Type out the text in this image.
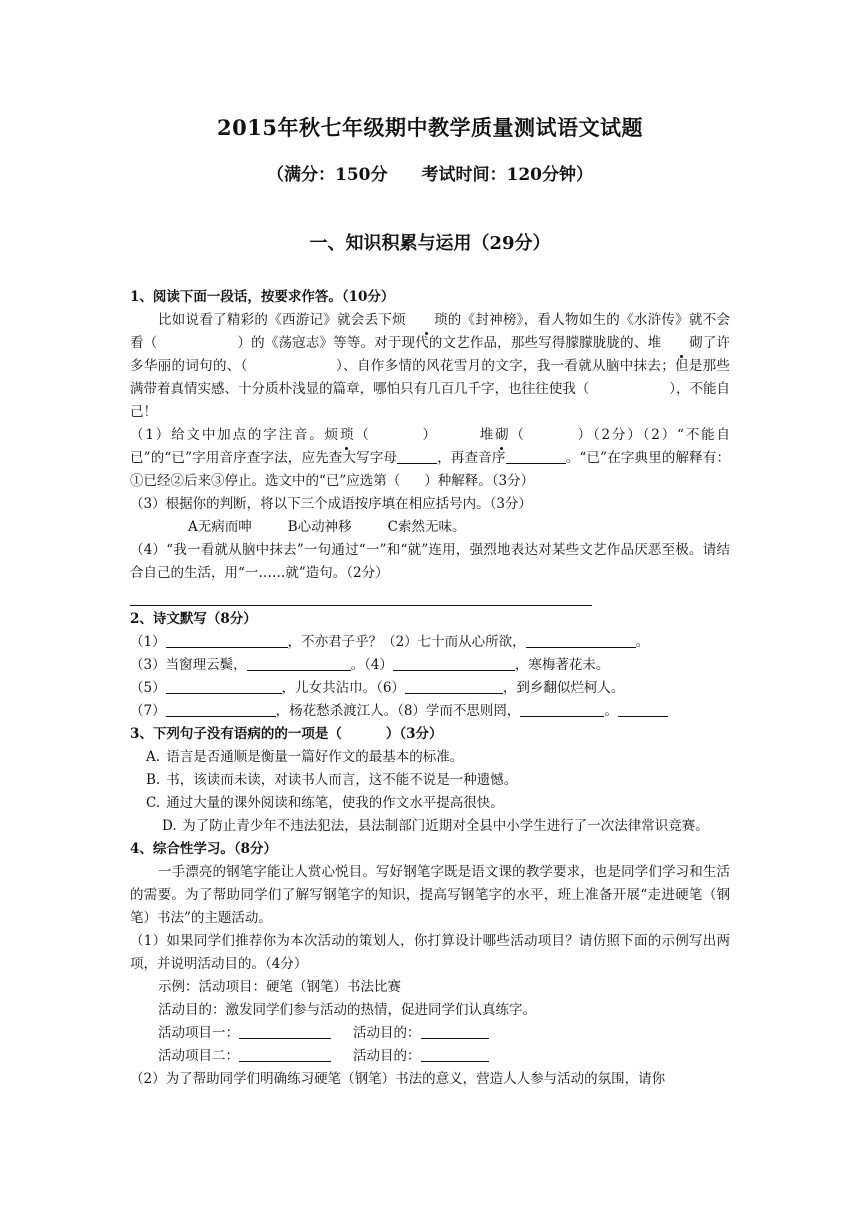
2015年秋七年级期中教学质量测试语文试题
（满分：150分 考试时间：120分钟）
一、知识积累与运用（29分）

1、阅读下面一段话，按要求作答。（10分）

比如说看了精彩的《西游记》就会丢下烦 琐的《封神榜》，看人物如生的《水浒传》就不会看（	）的《荡寇志》等等。对于现代的文艺作品，那些写得朦朦胧胧的、堆 砌了许多华丽的词句的、（	）、自作多情的风花雪月的文字，我一看就从脑中抹去；但是那些满带着真情实感、十分质朴浅显的篇章，哪怕只有几百几千字，也往往使我（	），不能自己！

（1）给文中加点的字注音。烦琐（	）	堆砌（	）（2分）（2）“不能自已”的“已”字用音序查字法，应先查大写字母	，再查音序	。“已”在字典里的解释有：①已经②后来③停止。选文中的“已”应选第（ ）种解释。（3分）

（3）根据你的判断，将以下三个成语按序填在相应括号内。（3分）

A无病而呻	B心动神移	C索然无味。

（4）“我一看就从脑中抹去”一句通过“一”和“就”连用，强烈地表达对某些文艺作品厌恶至极。请结合自己的生活，用“一……就”造句。（2分）

2、诗文默写（8分）

（1）	，不亦君子乎？（2）七十而从心所欲，	。

（3）当窗理云鬓，	。（4）	，寒梅著花未。

（5）	，儿女共沾巾。（6）	，到乡翻似烂柯人。

（7）	，杨花愁杀渡江人。（8）学而不思则罔，	。

3、下列句子没有语病的的一项是（	）（3分）

A. 语言是否通顺是衡量一篇好作文的最基本的标准。

B. 书，该读而未读，对读书人而言，这不能不说是一种遗憾。

C. 通过大量的课外阅读和练笔，使我的作文水平提高很快。

D. 为了防止青少年不违法犯法，县法制部门近期对全县中小学生进行了一次法律常识竞赛。

4、综合性学习。（8分）

一手漂亮的钢笔字能让人赏心悦目。写好钢笔字既是语文课的教学要求，也是同学们学习和生活的需要。为了帮助同学们了解写钢笔字的知识，提高写钢笔字的水平，班上准备开展“走进硬笔（钢笔）书法”的主题活动。

（1）如果同学们推荐你为本次活动的策划人，你打算设计哪些活动项目？请仿照下面的示例写出两项，并说明活动目的。（4分）

示例：活动项目：硬笔（钢笔）书法比赛

活动目的：激发同学们参与活动的热情，促进同学们认真练字。

活动项目一：	活动目的：

活动项目二：	活动目的：

（2）为了帮助同学们明确练习硬笔（钢笔）书法的意义，营造人人参与活动的氛围，请你
